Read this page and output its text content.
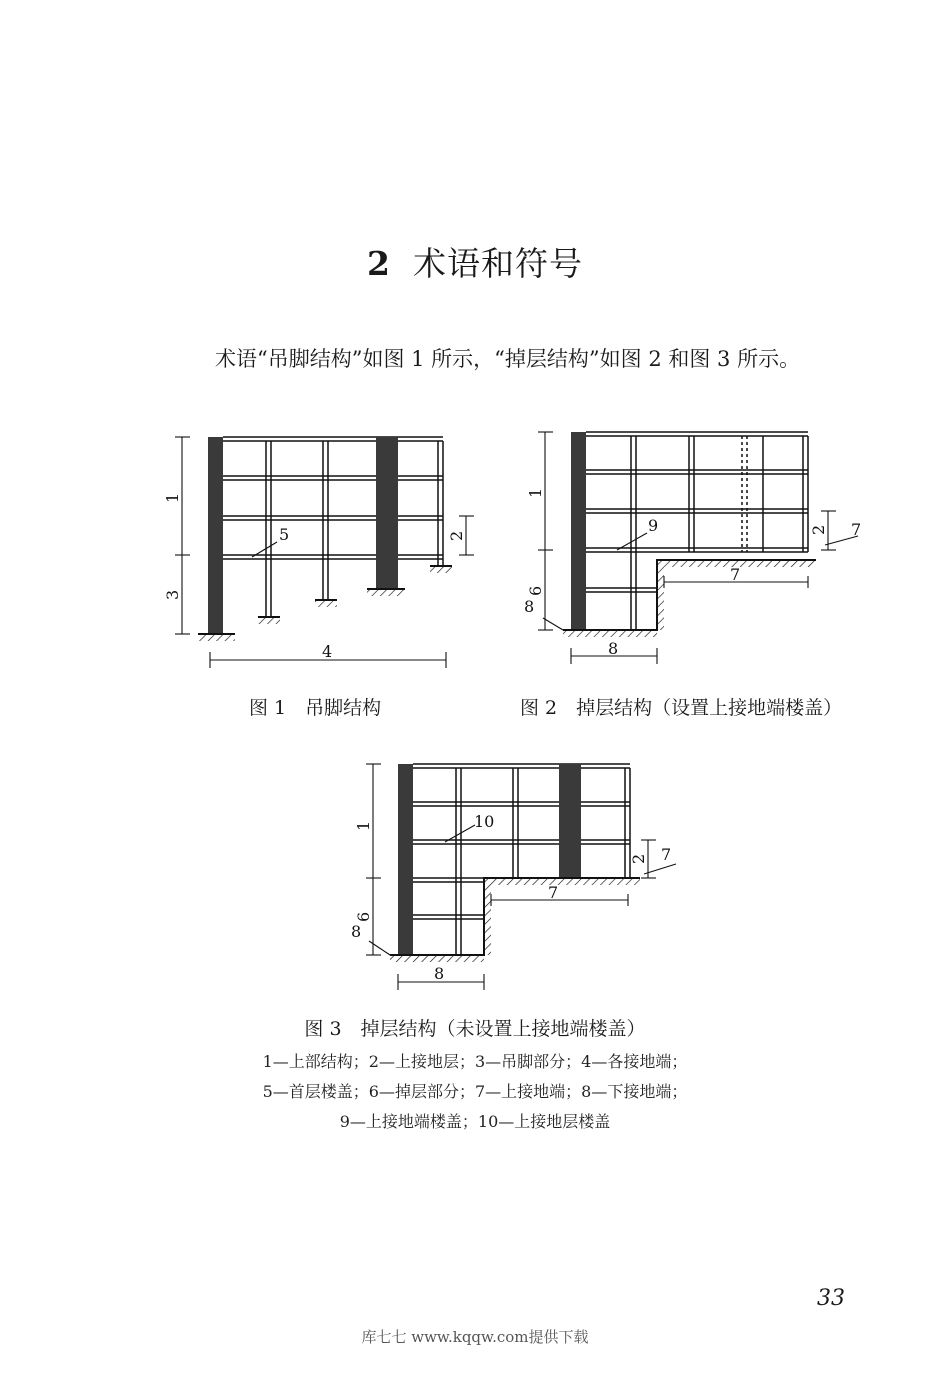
2 术语和符号
术语“吊脚结构”如图 1 所示，“掉层结构”如图 2 和图 3 所示。
1
3
2
4
5
1
6
2 7
7
8
8
9
图 1　吊脚结构	图 2　掉层结构（设置上接地端楼盖）
1
6
2 7
7
8
8
10
图 3　掉层结构（未设置上接地端楼盖）
1—上部结构；2—上接地层；3—吊脚部分；4—各接地端；
5—首层楼盖；6—掉层部分；7—上接地端；8—下接地端；
9—上接地端楼盖；10—上接地层楼盖
33
库七七 www.kqqw.com提供下载
